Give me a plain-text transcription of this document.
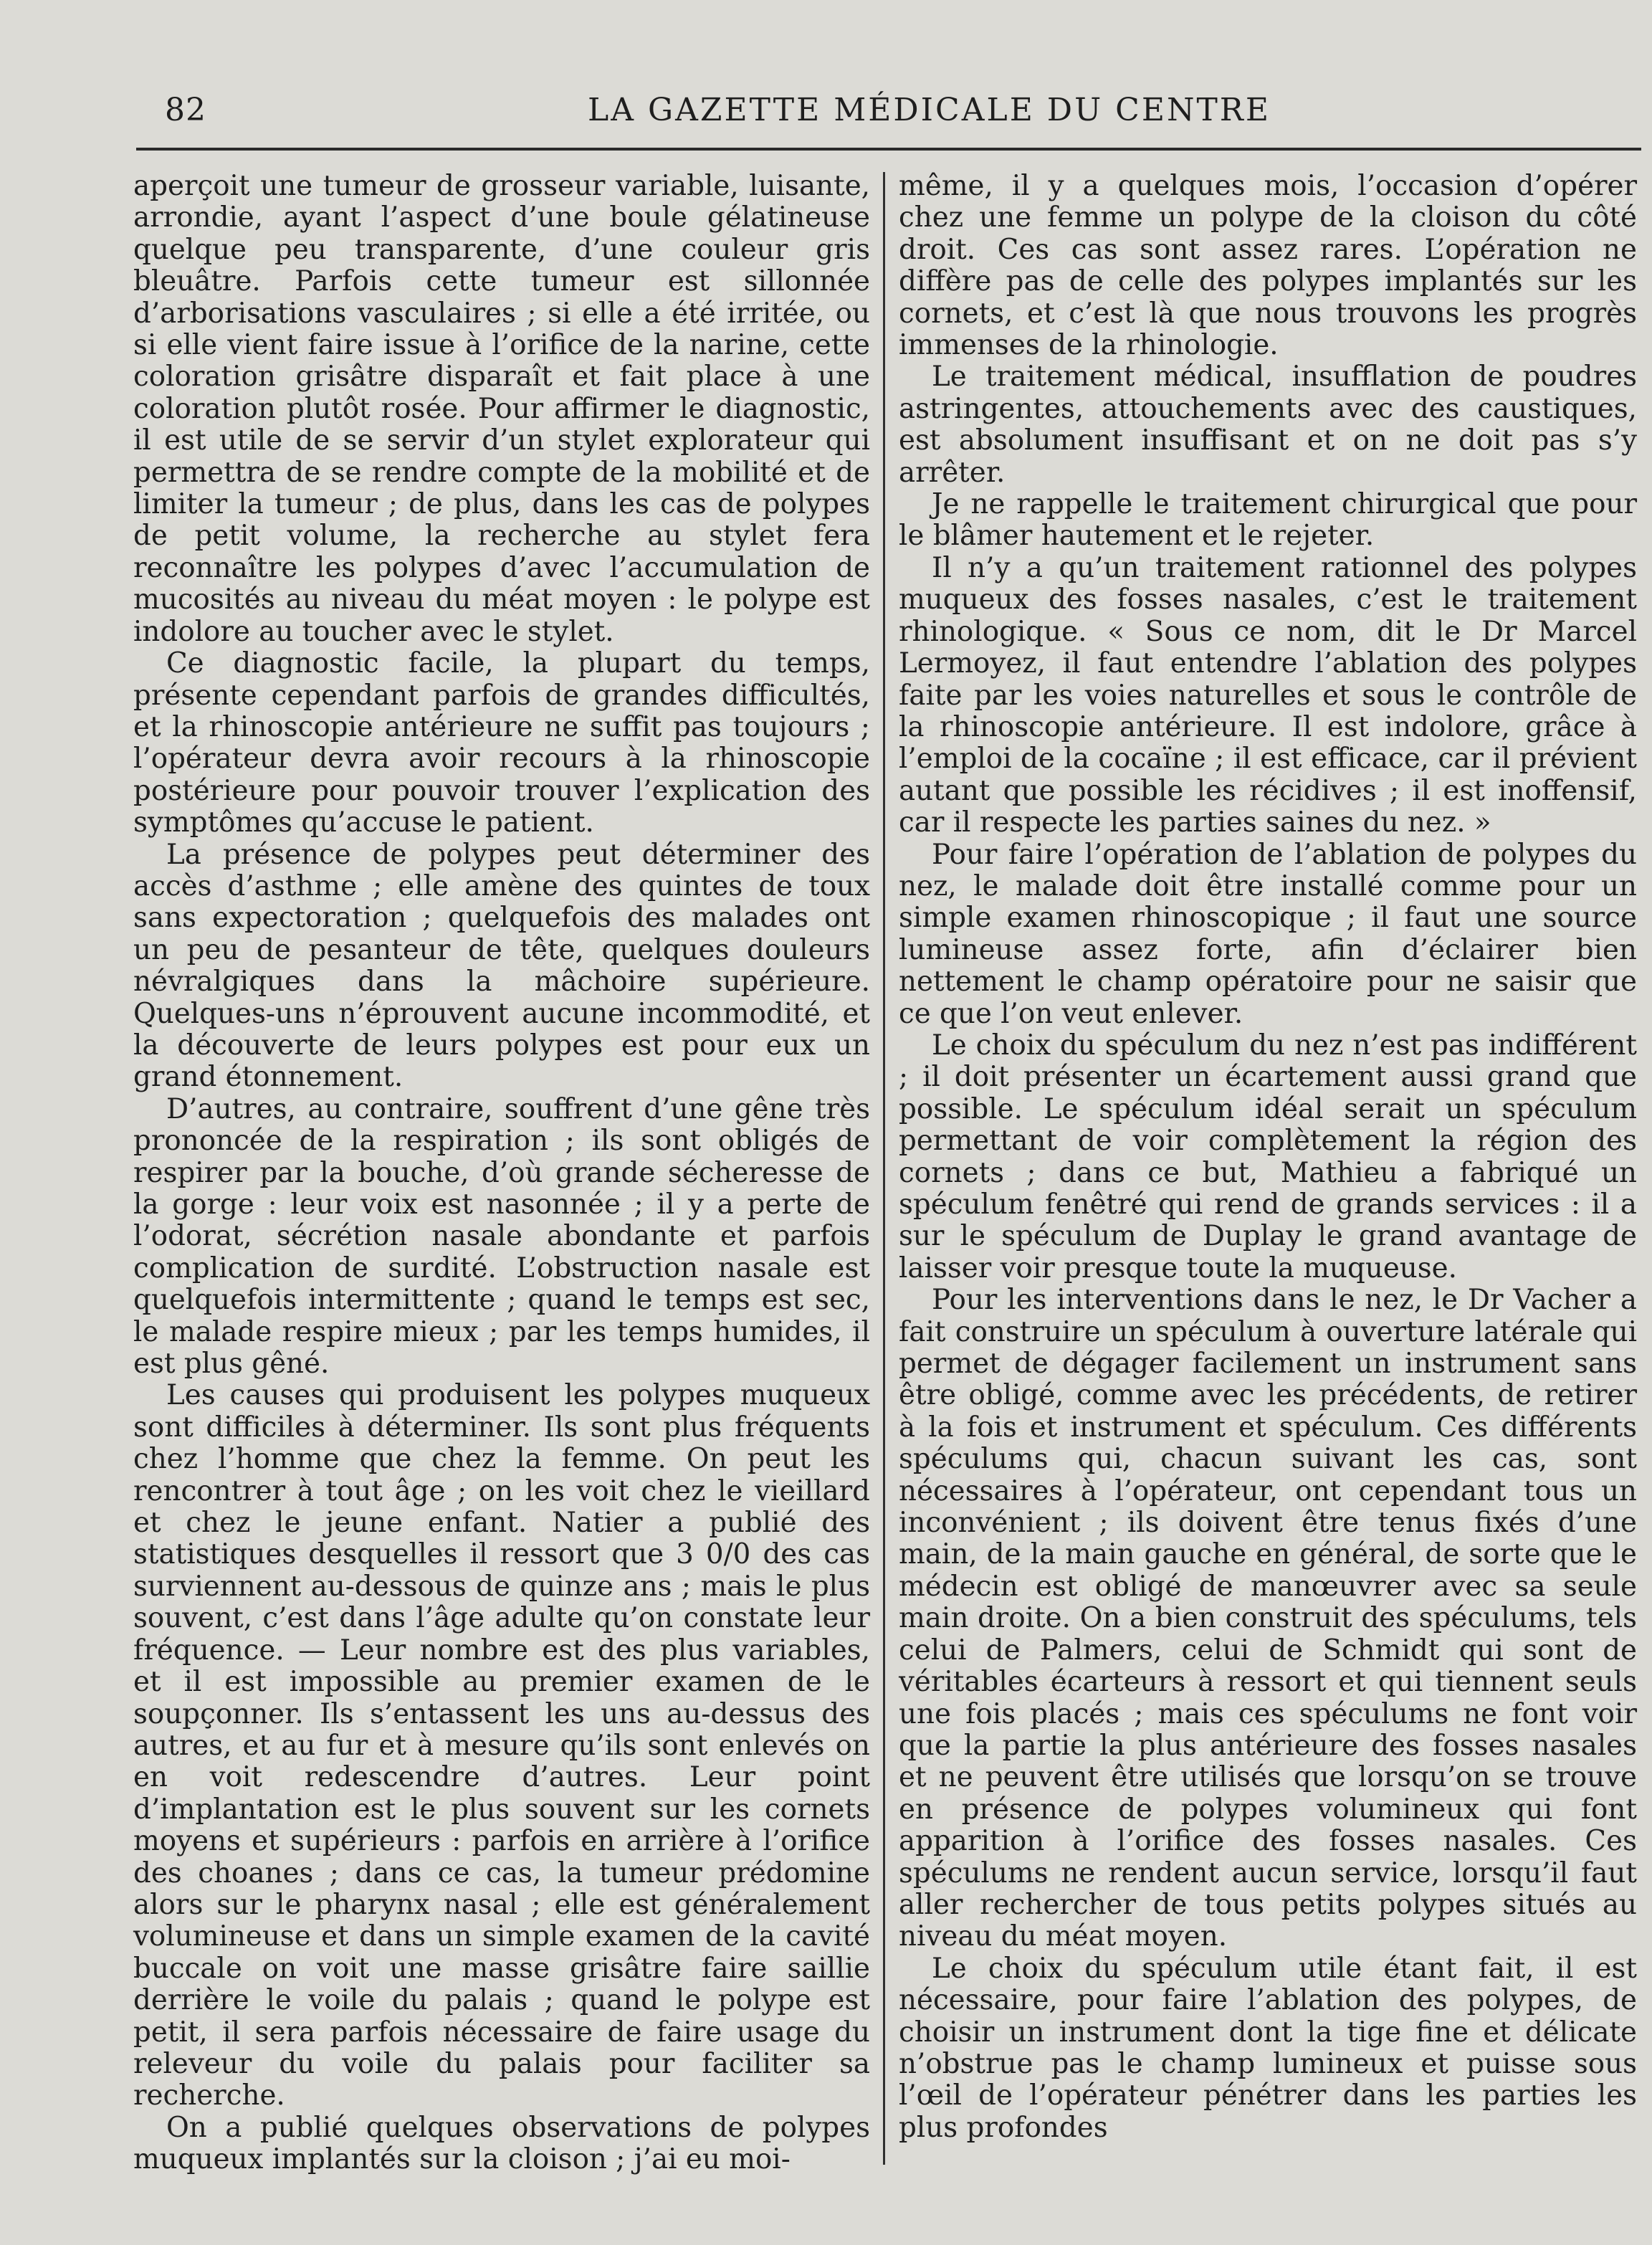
82	LA GAZETTE MÉDICALE DU CENTRE

aperçoit une tumeur de grosseur variable, luisante, arrondie, ayant l’aspect d’une boule gélatineuse quelque peu transparente, d’une couleur gris bleuâtre. Parfois cette tumeur est sillonnée d’arborisations vasculaires ; si elle a été irritée, ou si elle vient faire issue à l’orifice de la narine, cette coloration grisâtre disparaît et fait place à une coloration plutôt rosée. Pour affirmer le diagnostic, il est utile de se servir d’un stylet explorateur qui permettra de se rendre compte de la mobilité et de limiter la tumeur ; de plus, dans les cas de polypes de petit volume, la recherche au stylet fera reconnaître les polypes d’avec l’accumulation de mucosités au niveau du méat moyen : le polype est indolore au toucher avec le stylet.

Ce diagnostic facile, la plupart du temps, présente cependant parfois de grandes difficultés, et la rhinoscopie antérieure ne suffit pas toujours ; l’opérateur devra avoir recours à la rhinoscopie postérieure pour pouvoir trouver l’explication des symptômes qu’accuse le patient.

La présence de polypes peut déterminer des accès d’asthme ; elle amène des quintes de toux sans expectoration ; quelquefois des malades ont un peu de pesanteur de tête, quelques douleurs névralgiques dans la mâchoire supérieure. Quelques-uns n’éprouvent aucune incommodité, et la découverte de leurs polypes est pour eux un grand étonnement.

D’autres, au contraire, souffrent d’une gêne très prononcée de la respiration ; ils sont obligés de respirer par la bouche, d’où grande sécheresse de la gorge : leur voix est nasonnée ; il y a perte de l’odorat, sécrétion nasale abondante et parfois complication de surdité. L’obstruction nasale est quelquefois intermittente ; quand le temps est sec, le malade respire mieux ; par les temps humides, il est plus gêné.

Les causes qui produisent les polypes muqueux sont difficiles à déterminer. Ils sont plus fréquents chez l’homme que chez la femme. On peut les rencontrer à tout âge ; on les voit chez le vieillard et chez le jeune enfant. Natier a publié des statistiques desquelles il ressort que 3 0/0 des cas surviennent au-dessous de quinze ans ; mais le plus souvent, c’est dans l’âge adulte qu’on constate leur fréquence. — Leur nombre est des plus variables, et il est impossible au premier examen de le soupçonner. Ils s’entassent les uns au-dessus des autres, et au fur et à mesure qu’ils sont enlevés on en voit redescendre d’autres. Leur point d’implantation est le plus souvent sur les cornets moyens et supérieurs : parfois en arrière à l’orifice des choanes ; dans ce cas, la tumeur prédomine alors sur le pharynx nasal ; elle est généralement volumineuse et dans un simple examen de la cavité buccale on voit une masse grisâtre faire saillie derrière le voile du palais ; quand le polype est petit, il sera parfois nécessaire de faire usage du releveur du voile du palais pour faciliter sa recherche.

On a publié quelques observations de polypes muqueux implantés sur la cloison ; j’ai eu moi-

même, il y a quelques mois, l’occasion d’opérer chez une femme un polype de la cloison du côté droit. Ces cas sont assez rares. L’opération ne diffère pas de celle des polypes implantés sur les cornets, et c’est là que nous trouvons les progrès immenses de la rhinologie.

Le traitement médical, insufflation de poudres astringentes, attouchements avec des caustiques, est absolument insuffisant et on ne doit pas s’y arrêter.

Je ne rappelle le traitement chirurgical que pour le blâmer hautement et le rejeter.

Il n’y a qu’un traitement rationnel des polypes muqueux des fosses nasales, c’est le traitement rhinologique. « Sous ce nom, dit le Dr Marcel Lermoyez, il faut entendre l’ablation des polypes faite par les voies naturelles et sous le contrôle de la rhinoscopie antérieure. Il est indolore, grâce à l’emploi de la cocaïne ; il est efficace, car il prévient autant que possible les récidives ; il est inoffensif, car il respecte les parties saines du nez. »

Pour faire l’opération de l’ablation de polypes du nez, le malade doit être installé comme pour un simple examen rhinoscopique ; il faut une source lumineuse assez forte, afin d’éclairer bien nettement le champ opératoire pour ne saisir que ce que l’on veut enlever.

Le choix du spéculum du nez n’est pas indifférent ; il doit présenter un écartement aussi grand que possible. Le spéculum idéal serait un spéculum permettant de voir complètement la région des cornets ; dans ce but, Mathieu a fabriqué un spéculum fenêtré qui rend de grands services : il a sur le spéculum de Duplay le grand avantage de laisser voir presque toute la muqueuse.

Pour les interventions dans le nez, le Dr Vacher a fait construire un spéculum à ouverture latérale qui permet de dégager facilement un instrument sans être obligé, comme avec les précédents, de retirer à la fois et instrument et spéculum. Ces différents spéculums qui, chacun suivant les cas, sont nécessaires à l’opérateur, ont cependant tous un inconvénient ; ils doivent être tenus fixés d’une main, de la main gauche en général, de sorte que le médecin est obligé de manœuvrer avec sa seule main droite. On a bien construit des spéculums, tels celui de Palmers, celui de Schmidt qui sont de véritables écarteurs à ressort et qui tiennent seuls une fois placés ; mais ces spéculums ne font voir que la partie la plus antérieure des fosses nasales et ne peuvent être utilisés que lorsqu’on se trouve en présence de polypes volumineux qui font apparition à l’orifice des fosses nasales. Ces spéculums ne rendent aucun service, lorsqu’il faut aller rechercher de tous petits polypes situés au niveau du méat moyen.

Le choix du spéculum utile étant fait, il est nécessaire, pour faire l’ablation des polypes, de choisir un instrument dont la tige fine et délicate n’obstrue pas le champ lumineux et puisse sous l’œil de l’opérateur pénétrer dans les parties les plus profondes
